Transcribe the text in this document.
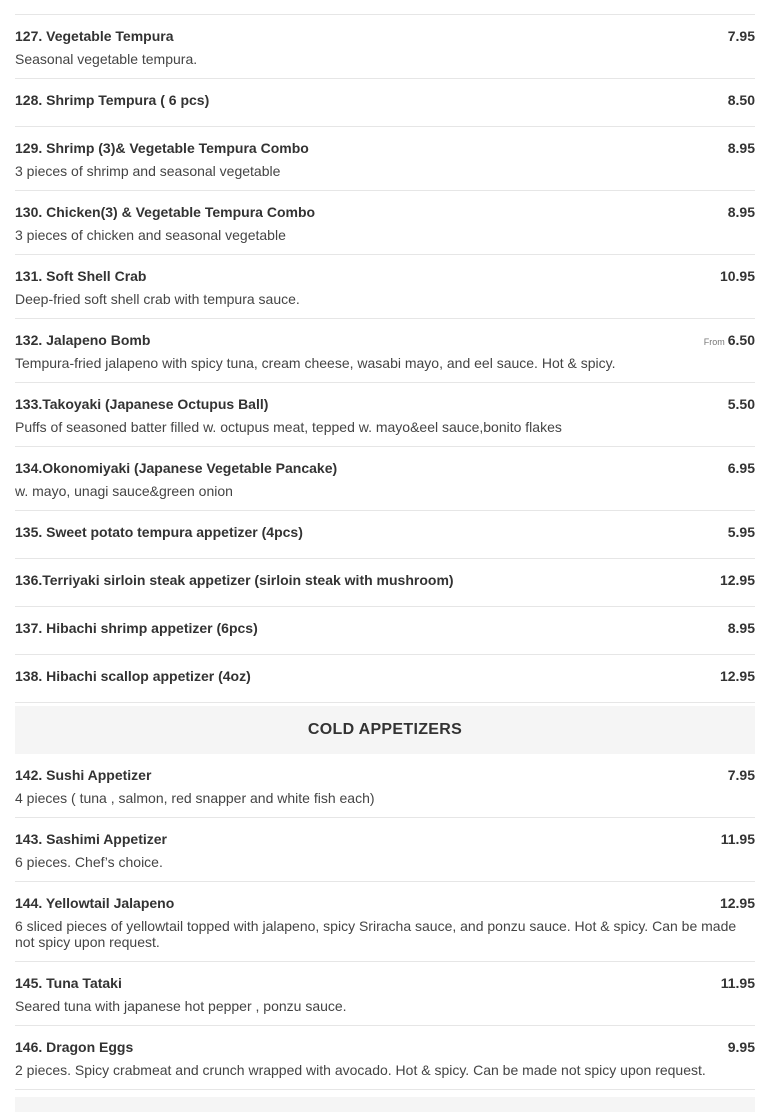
127. Vegetable Tempura	7.95
Seasonal vegetable tempura.
128. Shrimp Tempura ( 6 pcs)	8.50
129. Shrimp (3)& Vegetable Tempura Combo	8.95
3 pieces of shrimp and seasonal vegetable
130. Chicken(3) & Vegetable Tempura Combo	8.95
3 pieces of chicken and seasonal vegetable
131. Soft Shell Crab	10.95
Deep-fried soft shell crab with tempura sauce.
132. Jalapeno Bomb	From 6.50
Tempura-fried jalapeno with spicy tuna, cream cheese, wasabi mayo, and eel sauce. Hot & spicy.
133.Takoyaki (Japanese Octupus Ball)	5.50
Puffs of seasoned batter filled w. octupus meat, tepped w. mayo&eel sauce,bonito flakes
134.Okonomiyaki (Japanese Vegetable Pancake)	6.95
w. mayo, unagi sauce&green onion
135. Sweet potato tempura appetizer (4pcs)	5.95
136.Terriyaki sirloin steak appetizer (sirloin steak with mushroom)	12.95
137. Hibachi shrimp appetizer (6pcs)	8.95
138. Hibachi scallop appetizer (4oz)	12.95
COLD APPETIZERS
142. Sushi Appetizer	7.95
4 pieces ( tuna , salmon, red snapper and white fish each)
143. Sashimi Appetizer	11.95
6 pieces. Chef’s choice.
144. Yellowtail Jalapeno	12.95
6 sliced pieces of yellowtail topped with jalapeno, spicy Sriracha sauce, and ponzu sauce. Hot & spicy. Can be made not spicy upon request.
145. Tuna Tataki	11.95
Seared tuna with japanese hot pepper , ponzu sauce.
146. Dragon Eggs	9.95
2 pieces. Spicy crabmeat and crunch wrapped with avocado. Hot & spicy. Can be made not spicy upon request.
